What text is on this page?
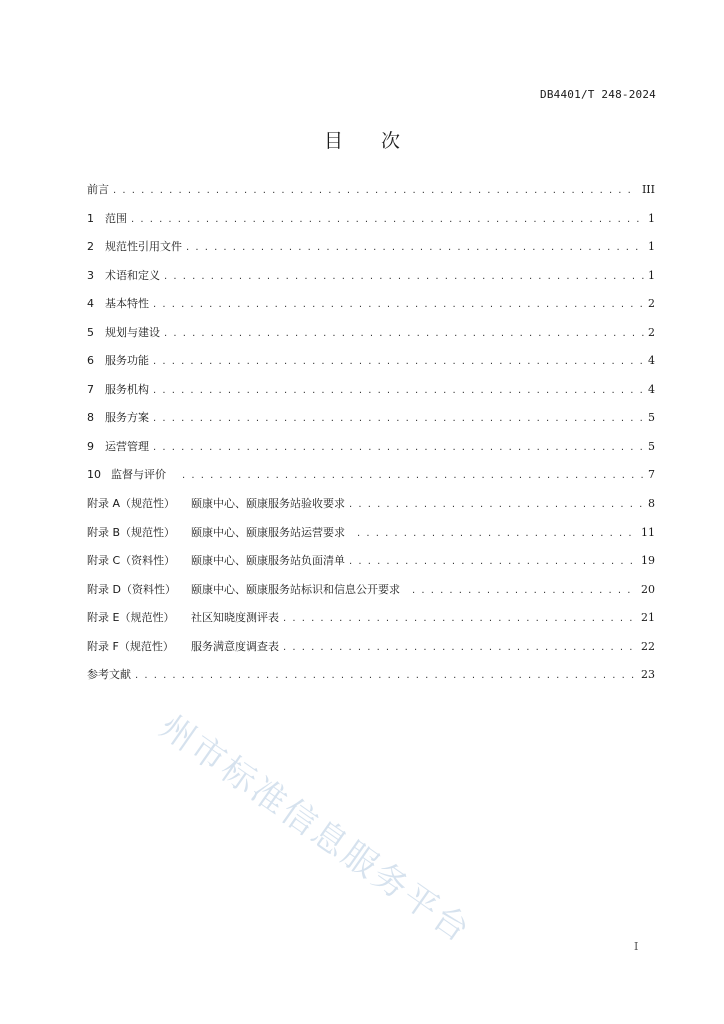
DB4401/T 248-2024
目 次
前言 . . .	III
1 范围 . . .	1
2 规范性引用文件 . . .	1
3 术语和定义 . . .	1
4 基本特性 . . .	2
5 规划与建设 . . .	2
6 服务功能 . . .	4
7 服务机构 . . .	4
8 服务方案 . . .	5
9 运营管理 . . .	5
10 监督与评价 . . .	7
附录 A（规范性） 颐康中心、颐康服务站验收要求 . . .	8
附录 B（规范性） 颐康中心、颐康服务站运营要求 . . .	11
附录 C（资料性） 颐康中心、颐康服务站负面清单 . . .	19
附录 D（资料性） 颐康中心、颐康服务站标识和信息公开要求 . . .	20
附录 E（规范性） 社区知晓度测评表 . . .	21
附录 F（规范性） 服务满意度调查表 . . .	22
参考文献 . . .	23
州市标准信息服务平台	I
